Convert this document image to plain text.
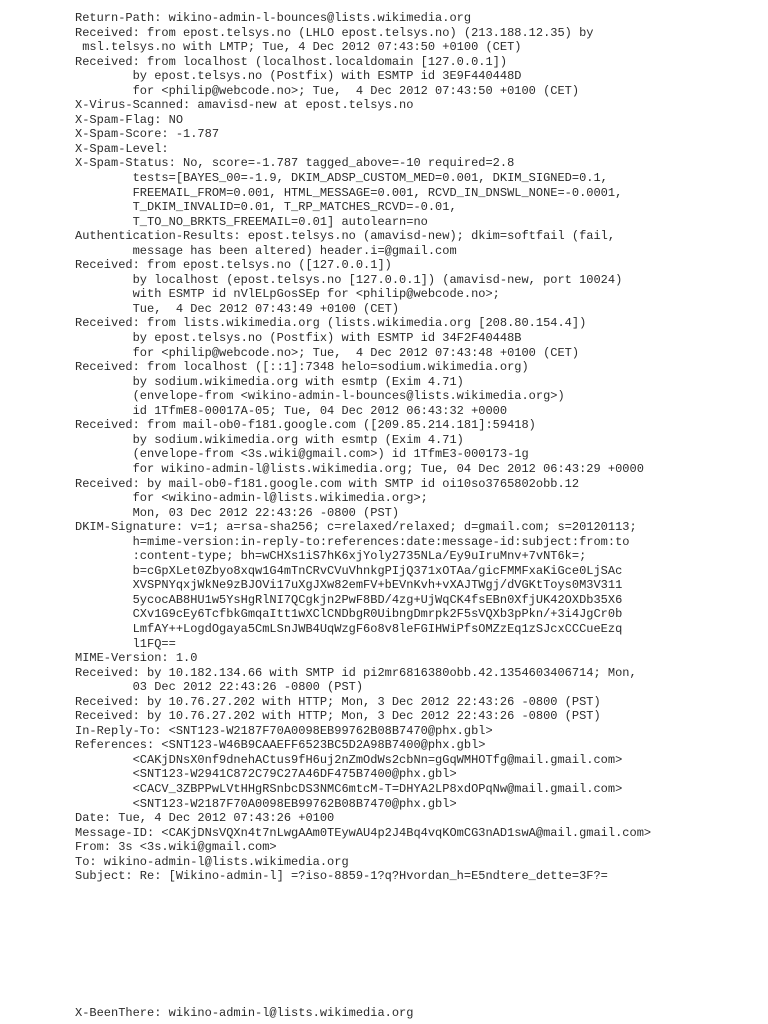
Return-Path: wikino-admin-l-bounces@lists.wikimedia.org
Received: from epost.telsys.no (LHLO epost.telsys.no) (213.188.12.35) by
msl.telsys.no with LMTP; Tue, 4 Dec 2012 07:43:50 +0100 (CET)
Received: from localhost (localhost.localdomain [127.0.0.1])
by epost.telsys.no (Postfix) with ESMTP id 3E9F440448D
for <philip@webcode.no>; Tue,  4 Dec 2012 07:43:50 +0100 (CET)
X-Virus-Scanned: amavisd-new at epost.telsys.no
X-Spam-Flag: NO
X-Spam-Score: -1.787
X-Spam-Level:
X-Spam-Status: No, score=-1.787 tagged_above=-10 required=2.8
tests=[BAYES_00=-1.9, DKIM_ADSP_CUSTOM_MED=0.001, DKIM_SIGNED=0.1,
FREEMAIL_FROM=0.001, HTML_MESSAGE=0.001, RCVD_IN_DNSWL_NONE=-0.0001,
T_DKIM_INVALID=0.01, T_RP_MATCHES_RCVD=-0.01,
T_TO_NO_BRKTS_FREEMAIL=0.01] autolearn=no
Authentication-Results: epost.telsys.no (amavisd-new); dkim=softfail (fail,
message has been altered) header.i=@gmail.com
Received: from epost.telsys.no ([127.0.0.1])
by localhost (epost.telsys.no [127.0.0.1]) (amavisd-new, port 10024)
with ESMTP id nVlELpGosSEp for <philip@webcode.no>;
Tue,  4 Dec 2012 07:43:49 +0100 (CET)
Received: from lists.wikimedia.org (lists.wikimedia.org [208.80.154.4])
by epost.telsys.no (Postfix) with ESMTP id 34F2F40448B
for <philip@webcode.no>; Tue,  4 Dec 2012 07:43:48 +0100 (CET)
Received: from localhost ([::1]:7348 helo=sodium.wikimedia.org)
by sodium.wikimedia.org with esmtp (Exim 4.71)
(envelope-from <wikino-admin-l-bounces@lists.wikimedia.org>)
id 1TfmE8-00017A-05; Tue, 04 Dec 2012 06:43:32 +0000
Received: from mail-ob0-f181.google.com ([209.85.214.181]:59418)
by sodium.wikimedia.org with esmtp (Exim 4.71)
(envelope-from <3s.wiki@gmail.com>) id 1TfmE3-000173-1g
for wikino-admin-l@lists.wikimedia.org; Tue, 04 Dec 2012 06:43:29 +0000
Received: by mail-ob0-f181.google.com with SMTP id oi10so3765802obb.12
for <wikino-admin-l@lists.wikimedia.org>;
Mon, 03 Dec 2012 22:43:26 -0800 (PST)
DKIM-Signature: v=1; a=rsa-sha256; c=relaxed/relaxed; d=gmail.com; s=20120113;
h=mime-version:in-reply-to:references:date:message-id:subject:from:to
:content-type; bh=wCHXs1iS7hK6xjYoly2735NLa/Ey9uIruMnv+7vNT6k=;
b=cGpXLet0Zbyo8xqw1G4mTnCRvCVuVhnkgPIjQ371xOTAa/gicFMMFxaKiGce0LjSAc
XVSPNYqxjWkNe9zBJOVi17uXgJXw82emFV+bEVnKvh+vXAJTWgj/dVGKtToys0M3V311
5ycocAB8HU1w5YsHgRlNI7QCgkjn2PwF8BD/4zg+UjWqCK4fsEBn0XfjUK42OXDb35X6
CXv1G9cEy6TcfbkGmqaItt1wXClCNDbgR0UibngDmrpk2F5sVQXb3pPkn/+3i4JgCr0b
LmfAY++LogdOgaya5CmLSnJWB4UqWzgF6o8v8leFGIHWiPfsOMZzEq1zSJcxCCCueEzq
l1FQ==
MIME-Version: 1.0
Received: by 10.182.134.66 with SMTP id pi2mr6816380obb.42.1354603406714; Mon,
03 Dec 2012 22:43:26 -0800 (PST)
Received: by 10.76.27.202 with HTTP; Mon, 3 Dec 2012 22:43:26 -0800 (PST)
Received: by 10.76.27.202 with HTTP; Mon, 3 Dec 2012 22:43:26 -0800 (PST)
In-Reply-To: <SNT123-W2187F70A0098EB99762B08B7470@phx.gbl>
References: <SNT123-W46B9CAAEFF6523BC5D2A98B7400@phx.gbl>
<CAKjDNsX0nf9dnehACtus9fH6uj2nZmOdWs2cbNn=gGqWMHOTfg@mail.gmail.com>
<SNT123-W2941C872C79C27A46DF475B7400@phx.gbl>
<CACV_3ZBPPwLVtHHgRSnbcDS3NMC6mtcM-T=DHYA2LP8xdOPqNw@mail.gmail.com>
<SNT123-W2187F70A0098EB99762B08B7470@phx.gbl>
Date: Tue, 4 Dec 2012 07:43:26 +0100
Message-ID: <CAKjDNsVQXn4t7nLwgAAm0TEywAU4p2J4Bq4vqKOmCG3nAD1swA@mail.gmail.com>
From: 3s <3s.wiki@gmail.com>
To: wikino-admin-l@lists.wikimedia.org
Subject: Re: [Wikino-admin-l] =?iso-8859-1?q?Hvordan_h=E5ndtere_dette=3F?=
X-BeenThere: wikino-admin-l@lists.wikimedia.org
